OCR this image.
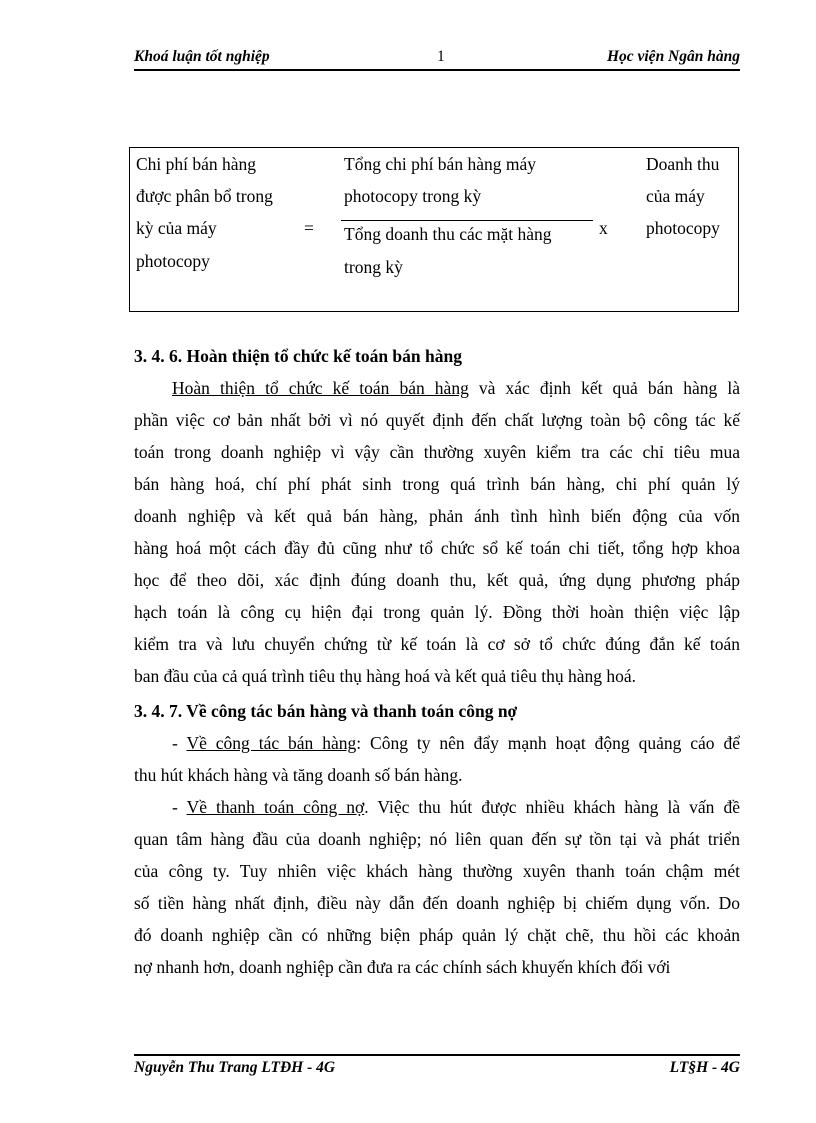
Khoá luận tốt nghiệp	1	Học viện Ngân hàng
Chi phí bán hàng
được phân bổ trong
kỳ của máy
photocopy
=
Tổng chi phí bán hàng máy
photocopy trong kỳ
Tổng doanh thu các mặt hàng
trong kỳ
x
Doanh thu
của máy
photocopy
3. 4. 6. Hoàn thiện tổ chức kế toán bán hàng
Hoàn thiện tổ chức kế toán bán hàng và xác định kết quả bán hàng là
phần việc cơ bản nhất bởi vì nó quyết định đến chất lượng toàn bộ công tác kế
toán trong doanh nghiệp vì vậy cần thường xuyên kiểm tra các chỉ tiêu mua
bán hàng hoá, chí phí phát sinh trong quá trình bán hàng, chi phí quản lý
doanh nghiệp và kết quả bán hàng, phản ánh tình hình biến động của vốn
hàng hoá một cách đầy đủ cũng như tổ chức sổ kế toán chi tiết, tổng hợp khoa
học để theo dõi, xác định đúng doanh thu, kết quả, ứng dụng phương pháp
hạch toán là công cụ hiện đại trong quản lý. Đồng thời hoàn thiện việc lập
kiểm tra và lưu chuyển chứng từ kế toán là cơ sở tổ chức đúng đắn kế toán
ban đầu của cả quá trình tiêu thụ hàng hoá và kết quả tiêu thụ hàng hoá.
3. 4. 7. Về công tác bán hàng và thanh toán công nợ
- Về công tác bán hàng: Công ty nên đẩy mạnh hoạt động quảng cáo để
thu hút khách hàng và tăng doanh số bán hàng.
- Về thanh toán công nợ. Việc thu hút được nhiều khách hàng là vấn đề
quan tâm hàng đầu của doanh nghiệp; nó liên quan đến sự tồn tại và phát triển
của công ty. Tuy nhiên việc khách hàng thường xuyên thanh toán chậm mét
số tiền hàng nhất định, điều này dẫn đến doanh nghiệp bị chiếm dụng vốn. Do
đó doanh nghiệp cần có những biện pháp quản lý chặt chẽ, thu hồi các khoản
nợ nhanh hơn, doanh nghiệp cần đưa ra các chính sách khuyến khích đối với
Nguyễn Thu Trang LTĐH - 4G	LT§H - 4G
